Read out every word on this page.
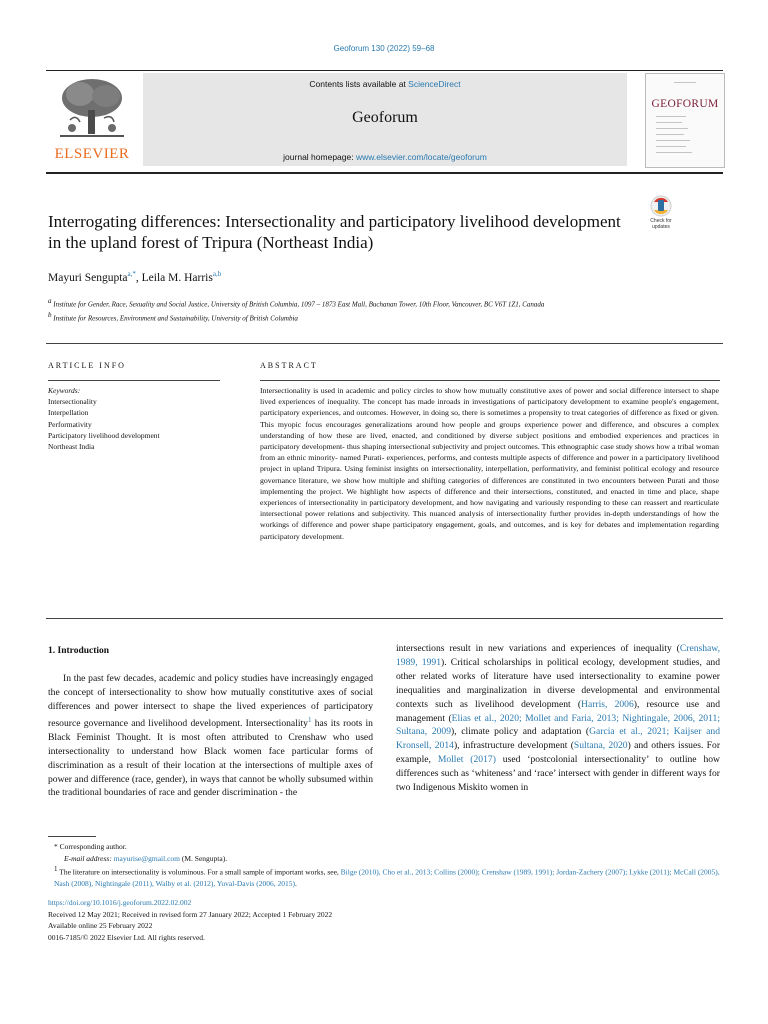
Geoforum 130 (2022) 59–68
ELSEVIER
Contents lists available at ScienceDirect
Geoforum
journal homepage: www.elsevier.com/locate/geoforum
GEOFORUM
Interrogating differences: Intersectionality and participatory livelihood development in the upland forest of Tripura (Northeast India)
Check for
updates
Mayuri Sengupta$^{a,*}$, Leila M. Harris$^{a,b}$
$^a$ Institute for Gender, Race, Sexuality and Social Justice, University of British Columbia, 1097 – 1873 East Mall, Buchanan Tower, 10th Floor, Vancouver, BC V6T 1Z1, Canada
$^b$ Institute for Resources, Environment and Sustainability, University of British Columbia
ARTICLE INFO
Keywords:
Intersectionality
Interpellation
Performativity
Participatory livelihood development
Northeast India
ABSTRACT
Intersectionality is used in academic and policy circles to show how mutually constitutive axes of power and social difference intersect to shape lived experiences of inequality. The concept has made inroads in investigations of participatory development to examine people's engagement, participatory experiences, and outcomes. However, in doing so, there is sometimes a propensity to treat categories of difference as fixed or given. This myopic focus encourages generalizations around how people and groups experience power and difference, and obscures a complex understanding of how these are lived, enacted, and conditioned by diverse subject positions and embodied experiences and practices in participatory development- thus shaping intersectional subjectivity and project outcomes. This ethnographic case study shows how a tribal woman from an ethnic minority- named Purati- experiences, performs, and contests multiple aspects of difference and power in a participatory livelihood project in upland Tripura. Using feminist insights on intersectionality, interpellation, performativity, and feminist political ecology and resource governance literature, we show how multiple and shifting categories of differences are constituted in two encounters between Purati and those implementing the project. We highlight how aspects of difference and their intersections, constituted, and enacted in time and place, shape experiences of intersectionality in participatory development, and how navigating and variously responding to these can reassert and rearticulate intersectional power relations and subjectivity. This nuanced analysis of intersectionality further provides in-depth understandings of how the workings of difference and power shape participatory engagement, goals, and outcomes, and is key for debates and implementation regarding participatory development.
1. Introduction
In the past few decades, academic and policy studies have increasingly engaged the concept of intersectionality to show how mutually constitutive axes of social differences and power intersect to shape the lived experiences of participatory resource governance and livelihood development. Intersectionality$^1$ has its roots in Black Feminist Thought. It is most often attributed to Crenshaw who used intersectionality to understand how Black women face particular forms of discrimination as a result of their location at the intersections of multiple axes of power and difference (race, gender), in ways that cannot be wholly subsumed within the traditional boundaries of race and gender discrimination - the
intersections result in new variations and experiences of inequality (Crenshaw, 1989, 1991). Critical scholarships in political ecology, development studies, and other related works of literature have used intersectionality to examine power inequalities and marginalization in diverse developmental and environmental contexts such as livelihood development (Harris, 2006), resource use and management (Elias et al., 2020; Mollet and Faria, 2013; Nightingale, 2006, 2011; Sultana, 2009), climate policy and adaptation (Garcia et al., 2021; Kaijser and Kronsell, 2014), infrastructure development (Sultana, 2020) and others issues. For example, Mollet (2017) used ‘postcolonial intersectionality’ to outline how differences such as ‘whiteness’ and ‘race’ intersect with gender in different ways for two Indigenous Miskito women in
* Corresponding author.
E-mail address: mayurise@gmail.com (M. Sengupta).
$^1$ The literature on intersectionality is voluminous. For a small sample of important works, see, Bilge (2010), Cho et al., 2013; Collins (2000); Crenshaw (1989, 1991); Jordan-Zachery (2007); Lykke (2011); McCall (2005), Nash (2008), Nightingale (2011), Walby et al. (2012), Yuval-Davis (2006, 2015).
https://doi.org/10.1016/j.geoforum.2022.02.002
Received 12 May 2021; Received in revised form 27 January 2022; Accepted 1 February 2022
Available online 25 February 2022
0016-7185/© 2022 Elsevier Ltd. All rights reserved.
